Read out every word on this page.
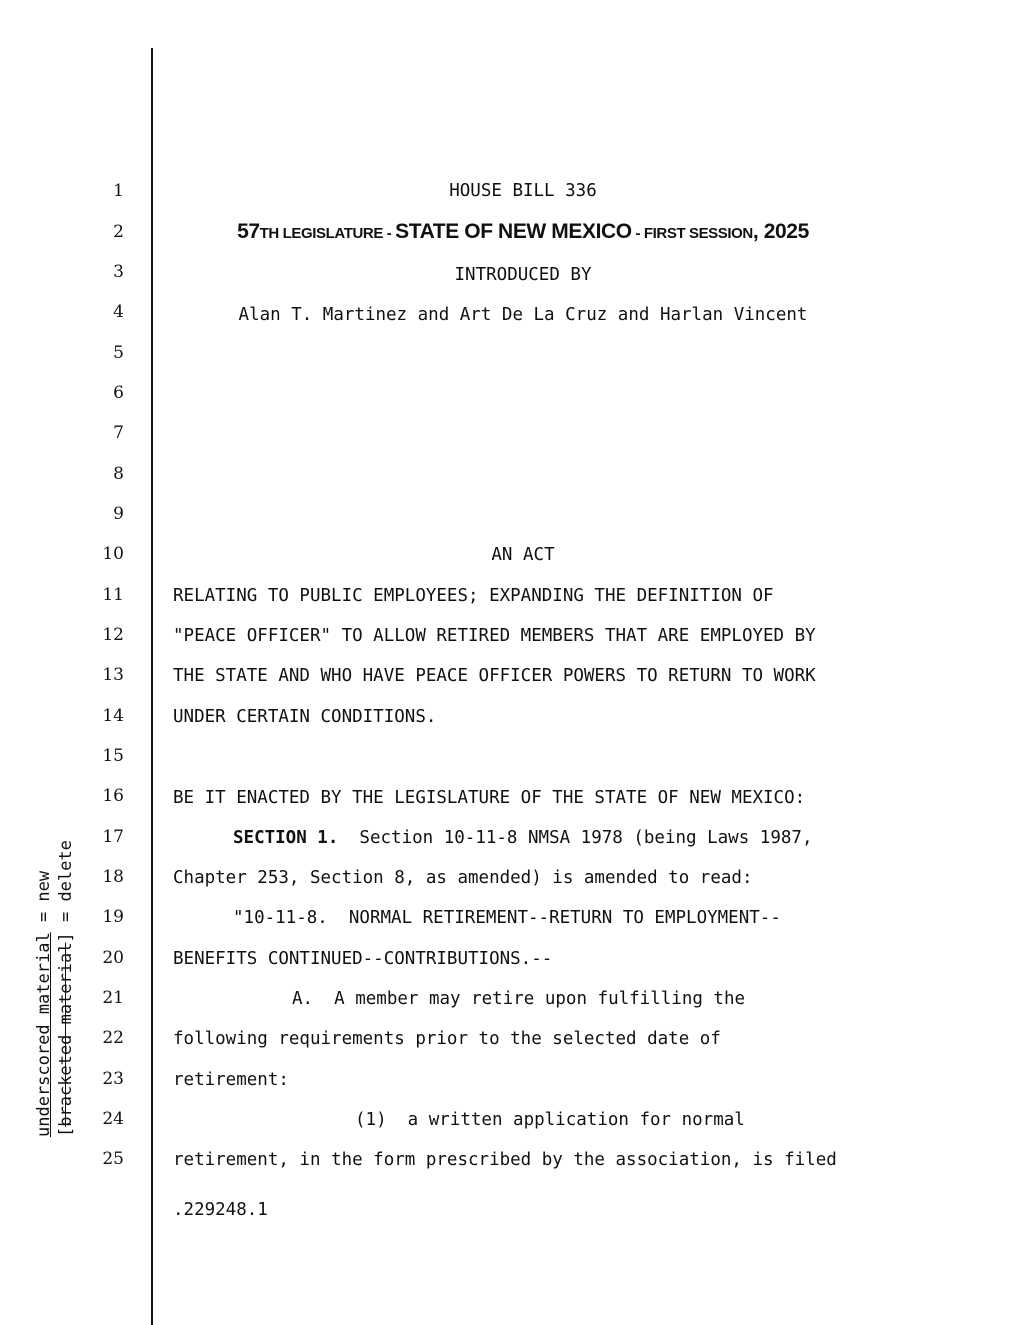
1
2
3
4
5
6
7
8
9
10
11
12
13
14
15
16
17
18
19
20
21
22
23
24
25
HOUSE BILL 336
57TH LEGISLATURE - STATE OF NEW MEXICO - FIRST SESSION, 2025
INTRODUCED BY
Alan T. Martinez and Art De La Cruz and Harlan Vincent
AN ACT
RELATING TO PUBLIC EMPLOYEES; EXPANDING THE DEFINITION OF
"PEACE OFFICER" TO ALLOW RETIRED MEMBERS THAT ARE EMPLOYED BY
THE STATE AND WHO HAVE PEACE OFFICER POWERS TO RETURN TO WORK
UNDER CERTAIN CONDITIONS.
BE IT ENACTED BY THE LEGISLATURE OF THE STATE OF NEW MEXICO:
SECTION 1.  Section 10-11-8 NMSA 1978 (being Laws 1987,
Chapter 253, Section 8, as amended) is amended to read:
"10-11-8.  NORMAL RETIREMENT--RETURN TO EMPLOYMENT--
BENEFITS CONTINUED--CONTRIBUTIONS.--
A.  A member may retire upon fulfilling the
following requirements prior to the selected date of
retirement:
(1)  a written application for normal
retirement, in the form prescribed by the association, is filed
.229248.1
underscored material = new
[bracketed material] = delete
